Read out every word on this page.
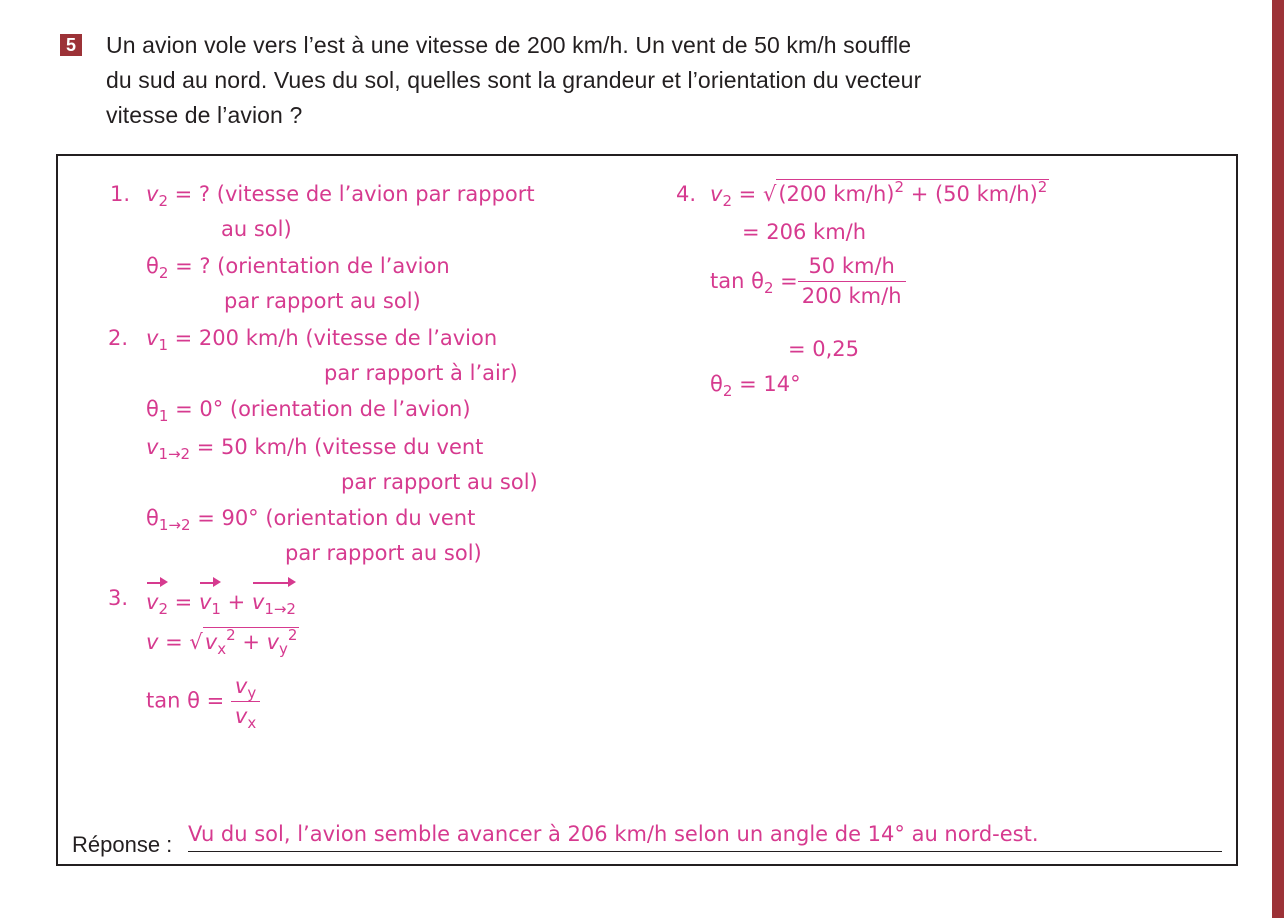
5 Un avion vole vers l’est à une vitesse de 200 km/h. Un vent de 50 km/h souffle
du sud au nord. Vues du sol, quelles sont la grandeur et l’orientation du vecteur
vitesse de l’avion ?
1. $v_2$ = ? (vitesse de l’avion par rapport
au sol)
$\theta_2$ = ? (orientation de l’avion
par rapport au sol)
2. $v_1 = 200$ km/h (vitesse de l’avion
par rapport à l’air)
$\theta_1 = 0^\circ$ (orientation de l’avion)
$v_{1\to 2} = 50$ km/h (vitesse du vent
par rapport au sol)
$\theta_{1\to 2} = 90^\circ$ (orientation du vent
par rapport au sol)
3. $v_2 = v_1 + v_{1\to 2}$
$v = √v_x^2 + v_y^2$
$\tan \theta = \frac{v_y}{v_x}$
4. $v_2 = √(200$ km/h)$^2$ + (50 km/h)$^2$
= 206 km/h
$\tan \theta_2 = \frac{50 km/h}{200 km/h}$
= 0,25
$\theta_2 = 14^\circ$
Réponse : Vu du sol, l’avion semble avancer à 206 km/h selon un angle de 14° au nord-est.
